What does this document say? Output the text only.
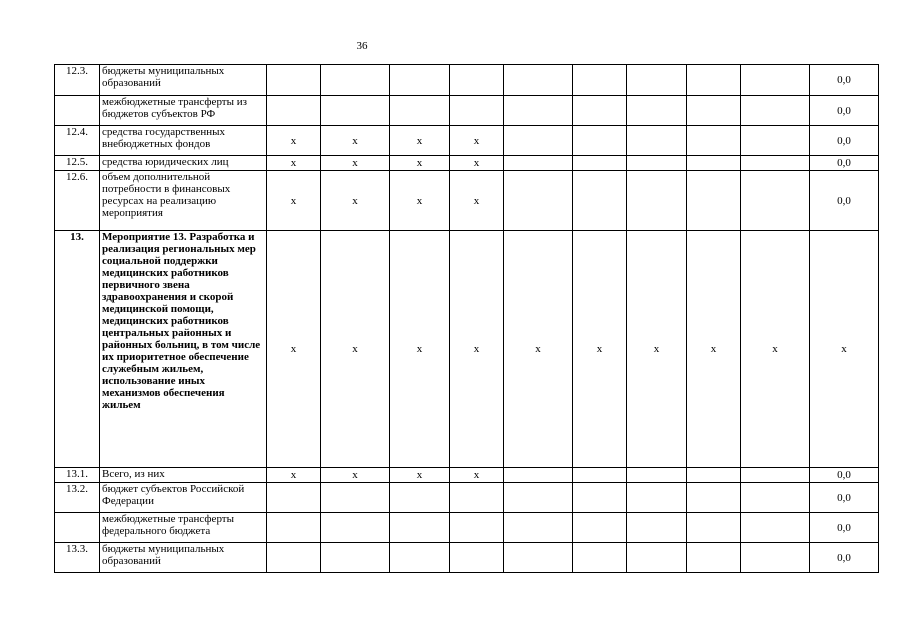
36
12.3.	бюджеты муниципальных образований										0,0
	межбюджетные трансферты из бюджетов субъектов РФ										0,0
12.4.	средства государственных внебюджетных фондов	х	х	х	х						0,0
12.5.	средства юридических лиц	х	х	х	х						0,0
12.6.	объем дополнительной потребности в финансовых ресурсах на реализацию мероприятия	х	х	х	х						0,0
13.	Мероприятие 13. Разработка и реализация региональных мер социальной поддержки медицинских работников первичного звена здравоохранения и скорой медицинской помощи, медицинских работников центральных районных и районных больниц, в том числе их приоритетное обеспечение служебным жильем, использование иных механизмов обеспечения жильем	х	х	х	х	х	х	х	х	х	х
13.1.	Всего, из них	х	х	х	х						0,0
13.2.	бюджет субъектов Российской Федерации										0,0
	межбюджетные трансферты федерального бюджета										0,0
13.3.	бюджеты муниципальных образований										0,0
